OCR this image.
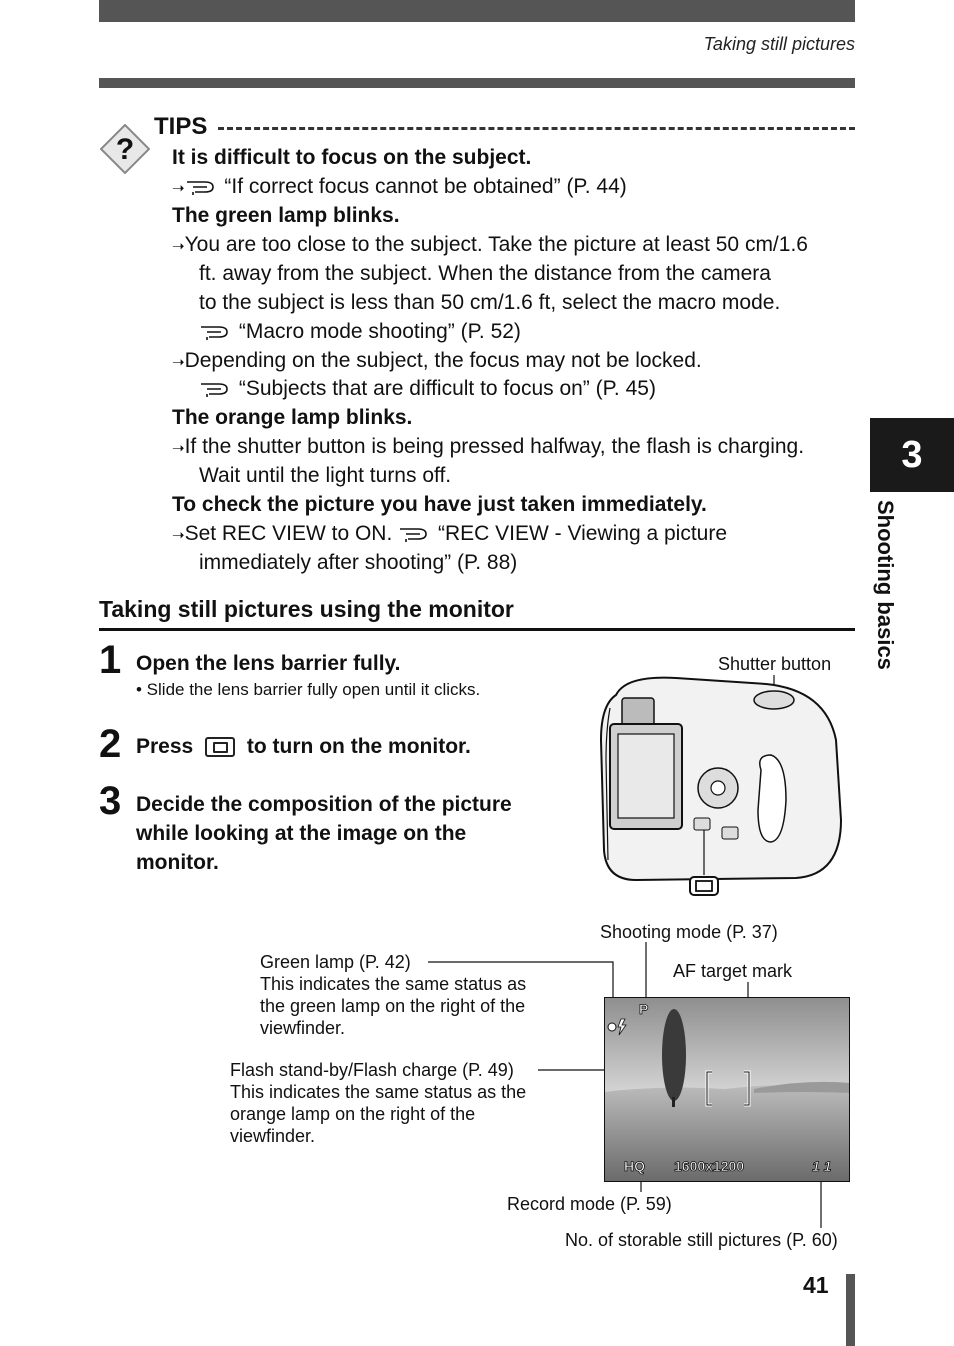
Taking still pictures
?
TIPS
It is difficult to focus on the subject.
➝ “If correct focus cannot be obtained” (P. 44)
The green lamp blinks.
➝You are too close to the subject. Take the picture at least 50 cm/1.6
ft. away from the subject. When the distance from the camera
to the subject is less than 50 cm/1.6 ft, select the macro mode.
“Macro mode shooting” (P. 52)
➝Depending on the subject, the focus may not be locked.
“Subjects that are difficult to focus on” (P. 45)
The orange lamp blinks.
➝If the shutter button is being pressed halfway, the flash is charging.
Wait until the light turns off.
To check the picture you have just taken immediately.
➝Set REC VIEW to ON. “REC VIEW - Viewing a picture
immediately after shooting” (P. 88)
Taking still pictures using the monitor
1 Open the lens barrier fully.
• Slide the lens barrier fully open until it clicks.
2 Press	to turn on the monitor.
3 Decide the composition of the picture
while looking at the image on the
monitor.
Shutter button
Shooting mode (P. 37)
AF target mark
Green lamp (P. 42)
This indicates the same status as
the green lamp on the right of the
viewfinder.
Flash stand-by/Flash charge (P. 49)
This indicates the same status as the
orange lamp on the right of the
viewfinder.
Record mode (P. 59)
No. of storable still pictures (P. 60)
P
HQ 1600x1200	1 1
3
Shooting basics
41
